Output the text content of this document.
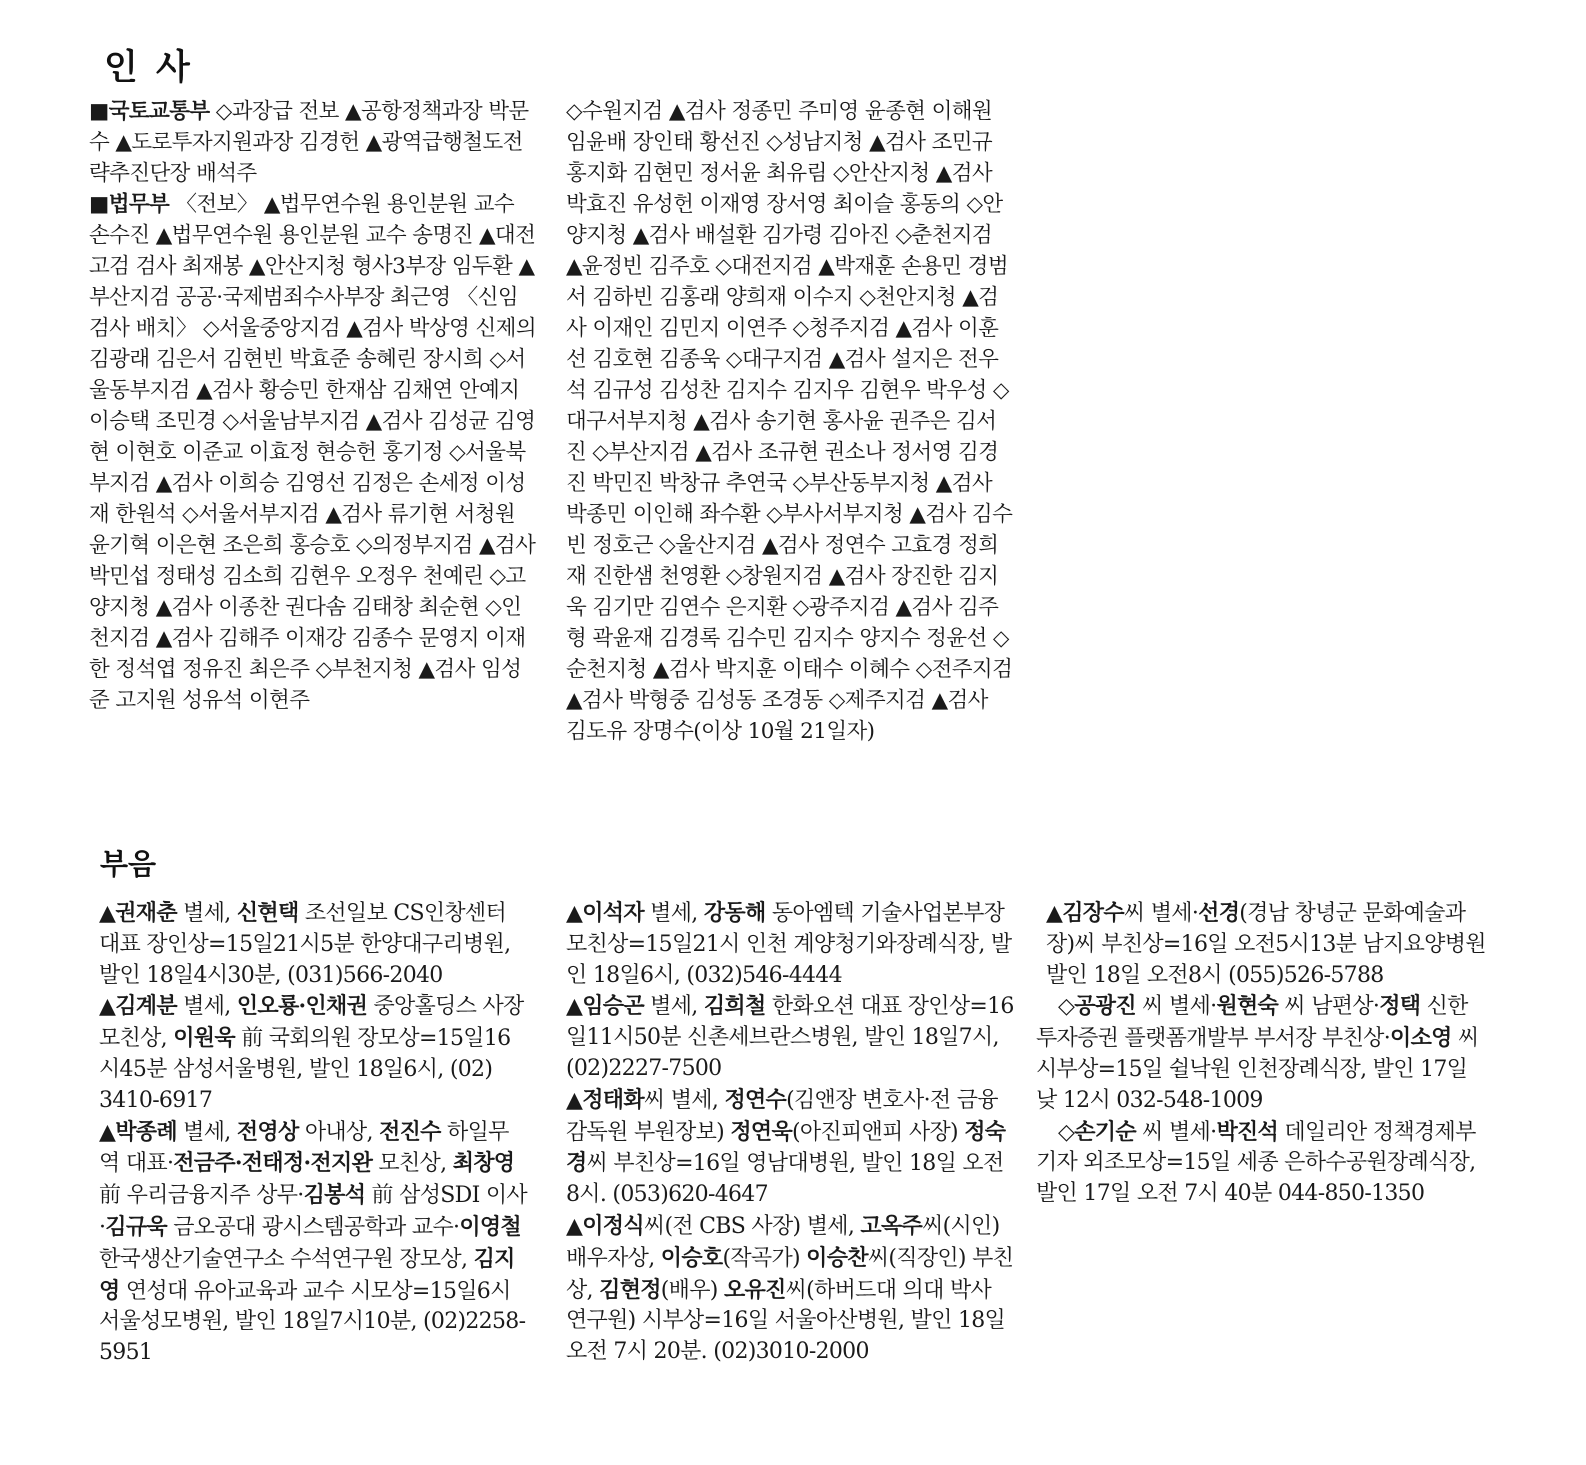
인 사

■국토교통부 ◇과장급 전보 ▲공항정책과장 박문수 ▲도로투자지원과장 김경헌 ▲광역급행철도전략추진단장 배석주

■법무부 〈전보〉 ▲법무연수원 용인분원 교수 손수진 ▲법무연수원 용인분원 교수 송명진 ▲대전고검 검사 최재봉 ▲안산지청 형사3부장 임두환 ▲부산지검 공공·국제범죄수사부장 최근영 〈신임 검사 배치〉 ◇서울중앙지검 ▲검사 박상영 신제의 김광래 김은서 김현빈 박효준 송혜린 장시희 ◇서울동부지검 ▲검사 황승민 한재삼 김채연 안예지 이승택 조민경 ◇서울남부지검 ▲검사 김성균 김영현 이현호 이준교 이효정 현승헌 홍기정 ◇서울북부지검 ▲검사 이희승 김영선 김정은 손세정 이성재 한원석 ◇서울서부지검 ▲검사 류기현 서청원 윤기혁 이은현 조은희 홍승호 ◇의정부지검 ▲검사 박민섭 정태성 김소희 김현우 오정우 천예린 ◇고양지청 ▲검사 이종찬 권다솜 김태창 최순현 ◇인천지검 ▲검사 김해주 이재강 김종수 문영지 이재한 정석엽 정유진 최은주 ◇부천지청 ▲검사 임성준 고지원 성유석 이현주

◇수원지검 ▲검사 정종민 주미영 윤종현 이해원 임윤배 장인태 황선진 ◇성남지청 ▲검사 조민규 홍지화 김현민 정서윤 최유림 ◇안산지청 ▲검사 박효진 유성헌 이재영 장서영 최이슬 홍동의 ◇안양지청 ▲검사 배설환 김가령 김아진 ◇춘천지검 ▲윤정빈 김주호 ◇대전지검 ▲박재훈 손용민 경범서 김하빈 김홍래 양희재 이수지 ◇천안지청 ▲검사 이재인 김민지 이연주 ◇청주지검 ▲검사 이훈선 김호현 김종욱 ◇대구지검 ▲검사 설지은 전우석 김규성 김성찬 김지수 김지우 김현우 박우성 ◇대구서부지청 ▲검사 송기현 홍사윤 권주은 김서진 ◇부산지검 ▲검사 조규현 권소나 정서영 김경진 박민진 박창규 추연국 ◇부산동부지청 ▲검사 박종민 이인해 좌수환 ◇부사서부지청 ▲검사 김수빈 정호근 ◇울산지검 ▲검사 정연수 고효경 정희재 진한샘 천영환 ◇창원지검 ▲검사 장진한 김지욱 김기만 김연수 은지환 ◇광주지검 ▲검사 김주형 곽윤재 김경록 김수민 김지수 양지수 정윤선 ◇순천지청 ▲검사 박지훈 이태수 이혜수 ◇전주지검 ▲검사 박형중 김성동 조경동 ◇제주지검 ▲검사 김도유 장명수(이상 10월 21일자)

부음

▲권재춘 별세, 신현택 조선일보 CS인창센터 대표 장인상=15일21시5분 한양대구리병원, 발인 18일4시30분, (031)566-2040

▲김계분 별세, 인오룡·인채권 중앙홀딩스 사장 모친상, 이원욱 前 국회의원 장모상=15일16시45분 삼성서울병원, 발인 18일6시, (02) 3410-6917

▲박종례 별세, 전영상 아내상, 전진수 하일무역 대표·전금주·전태정·전지완 모친상, 최창영 前 우리금융지주 상무·김봉석 前 삼성SDI 이사·김규욱 금오공대 광시스템공학과 교수·이영철 한국생산기술연구소 수석연구원 장모상, 김지영 연성대 유아교육과 교수 시모상=15일6시 서울성모병원, 발인 18일7시10분, (02)2258-5951

▲이석자 별세, 강동해 동아엠텍 기술사업본부장 모친상=15일21시 인천 계양청기와장례식장, 발인 18일6시, (032)546-4444

▲임승곤 별세, 김희철 한화오션 대표 장인상=16일11시50분 신촌세브란스병원, 발인 18일7시, (02)2227-7500

▲정태화씨 별세, 정연수(김앤장 변호사·전 금융감독원 부원장보) 정연욱(아진피앤피 사장) 정숙경씨 부친상=16일 영남대병원, 발인 18일 오전 8시. (053)620-4647

▲이정식씨(전 CBS 사장) 별세, 고옥주씨(시인) 배우자상, 이승호(작곡가) 이승찬씨(직장인) 부친상, 김현정(배우) 오유진씨(하버드대 의대 박사 연구원) 시부상=16일 서울아산병원, 발인 18일 오전 7시 20분. (02)3010-2000

▲김장수씨 별세·선경(경남 창녕군 문화예술과장)씨 부친상=16일 오전5시13분 남지요양병원 발인 18일 오전8시 (055)526-5788

◇공광진 씨 별세·원현숙 씨 남편상·정택 신한투자증권 플랫폼개발부 부서장 부친상·이소영 씨 시부상=15일 쉴낙원 인천장례식장, 발인 17일 낮 12시 032-548-1009

◇손기순 씨 별세·박진석 데일리안 정책경제부 기자 외조모상=15일 세종 은하수공원장례식장, 발인 17일 오전 7시 40분 044-850-1350
